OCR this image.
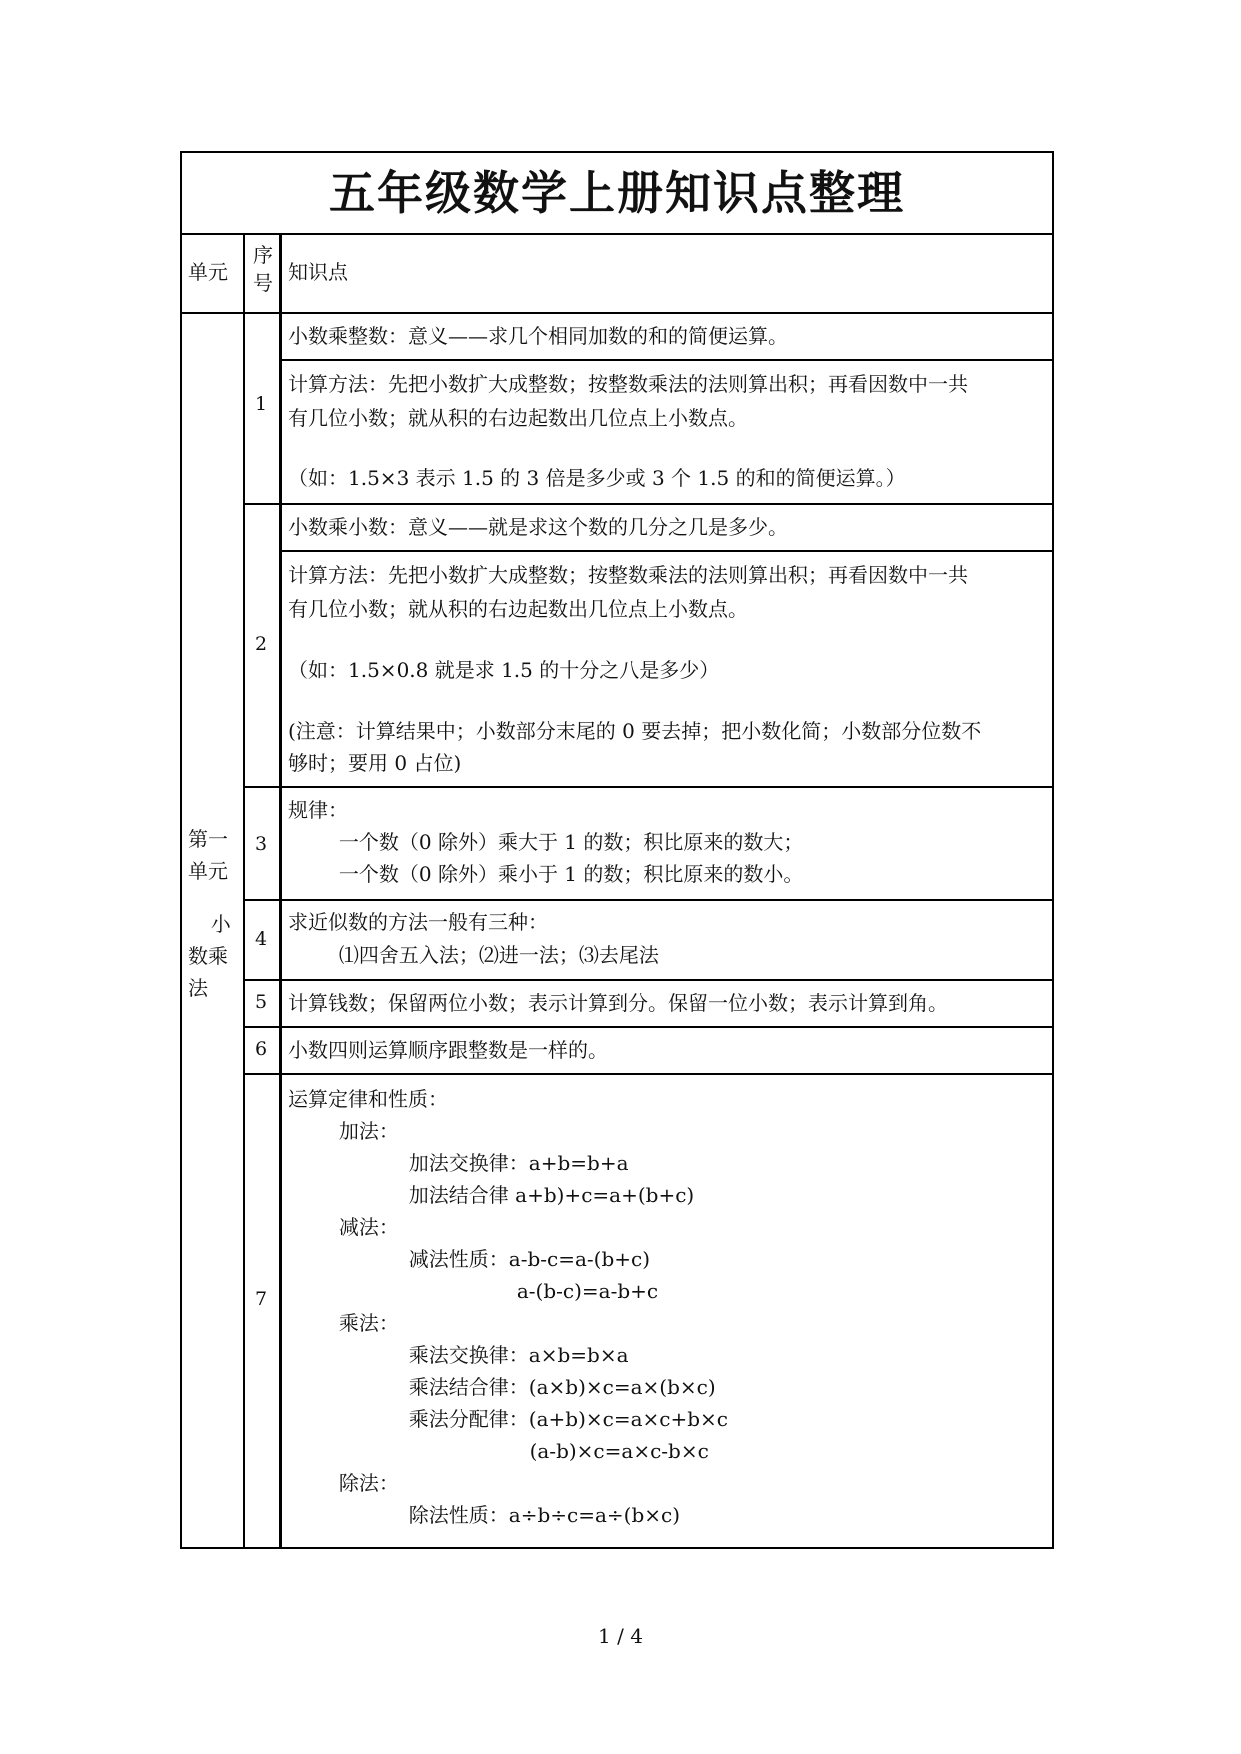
五年级数学上册知识点整理
单元
序
号 知识点
第一
单元
小
数乘
法
1
2
3
4
5
6
7
小数乘整数：意义——求几个相同加数的和的简便运算。
计算方法：先把小数扩大成整数；按整数乘法的法则算出积；再看因数中一共
有几位小数；就从积的右边起数出几位点上小数点。
（如：1.5×3 表示 1.5 的 3 倍是多少或 3 个 1.5 的和的简便运算。）
小数乘小数：意义——就是求这个数的几分之几是多少。
计算方法：先把小数扩大成整数；按整数乘法的法则算出积；再看因数中一共
有几位小数；就从积的右边起数出几位点上小数点。
（如：1.5×0.8 就是求 1.5 的十分之八是多少）
(注意：计算结果中；小数部分末尾的 0 要去掉；把小数化简；小数部分位数不
够时；要用 0 占位)
规律：
一个数（0 除外）乘大于 1 的数；积比原来的数大；
一个数（0 除外）乘小于 1 的数；积比原来的数小。
求近似数的方法一般有三种：
⑴四舍五入法；⑵进一法；⑶去尾法
计算钱数；保留两位小数；表示计算到分。保留一位小数；表示计算到角。
小数四则运算顺序跟整数是一样的。
运算定律和性质：
加法：
加法交换律：a+b=b+a
加法结合律 a+b)+c=a+(b+c)
减法：
减法性质：a-b-c=a-(b+c)
a-(b-c)=a-b+c
乘法：
乘法交换律：a×b=b×a
乘法结合律：(a×b)×c=a×(b×c)
乘法分配律：(a+b)×c=a×c+b×c
(a-b)×c=a×c-b×c
除法：
除法性质：a÷b÷c=a÷(b×c)
1 / 4
